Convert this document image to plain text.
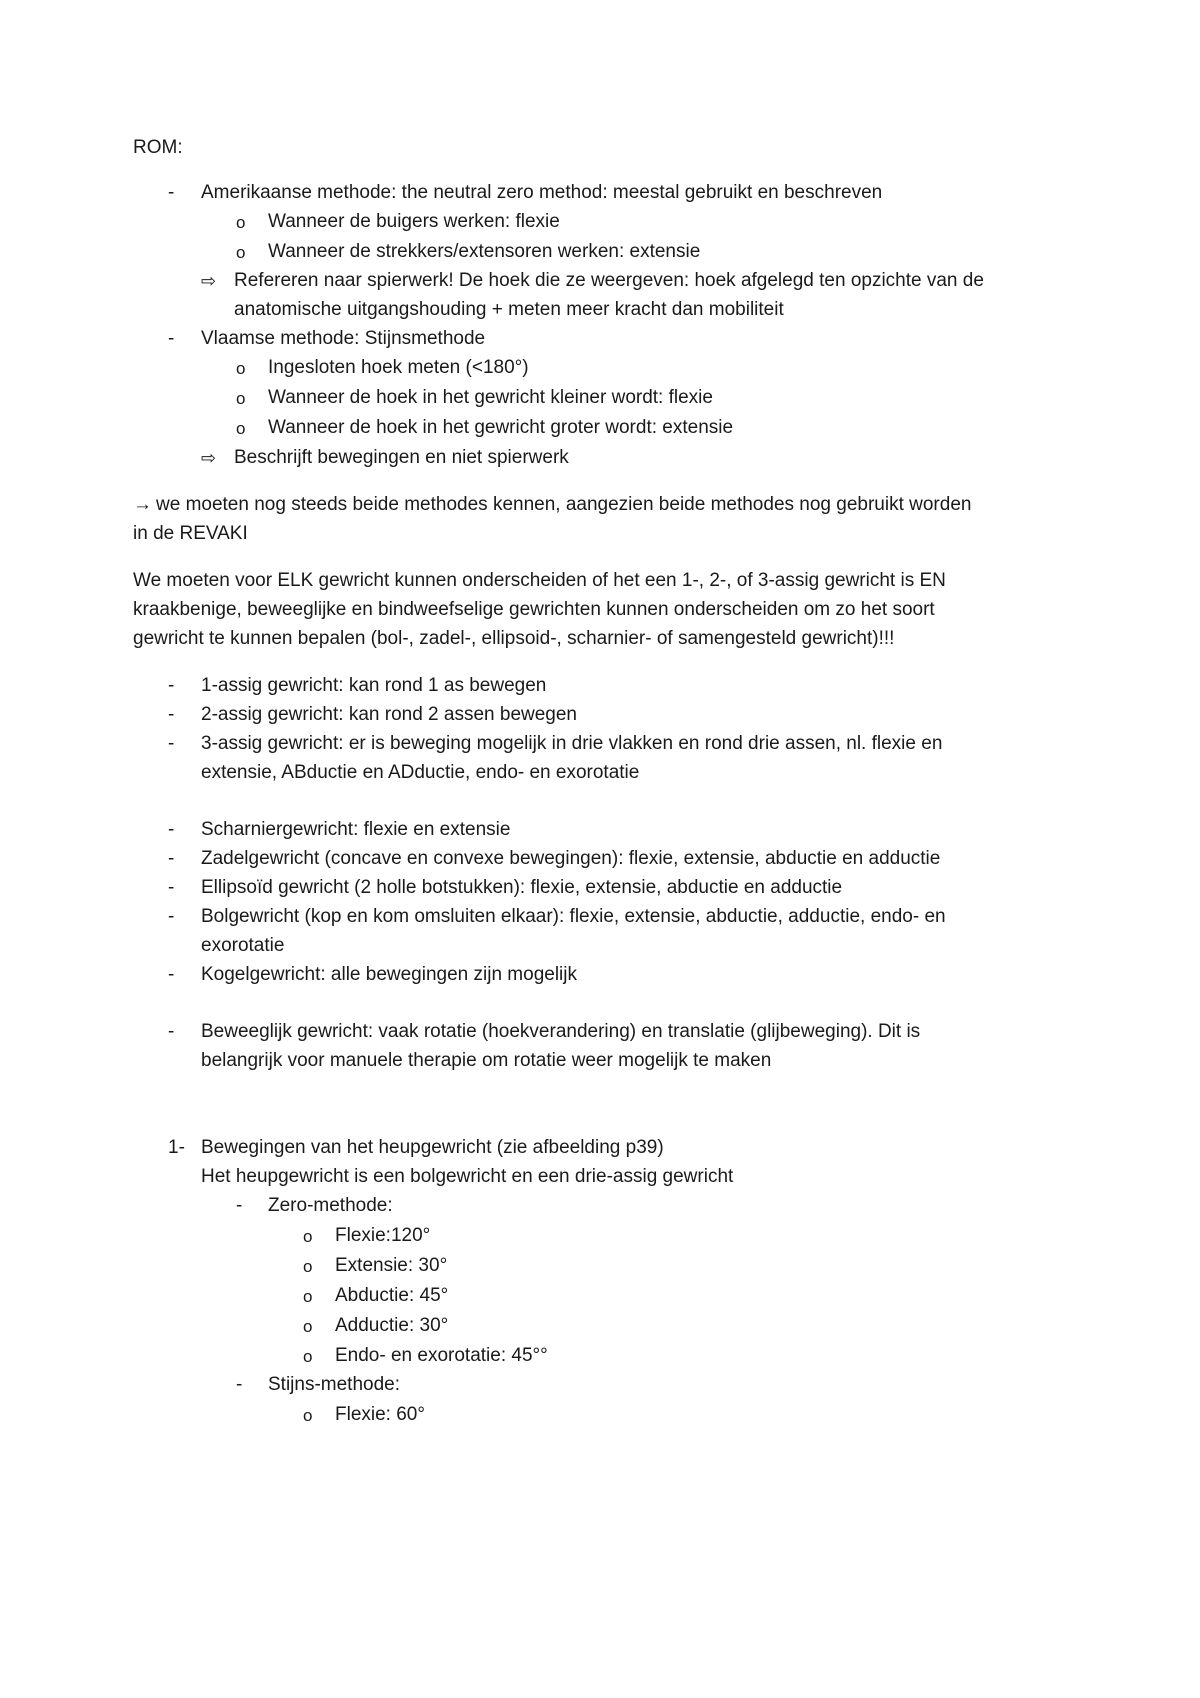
ROM:
- Amerikaanse methode: the neutral zero method: meestal gebruikt en beschreven
o Wanneer de buigers werken: flexie
o Wanneer de strekkers/extensoren werken: extensie
⇨ Refereren naar spierwerk! De hoek die ze weergeven: hoek afgelegd ten opzichte van de
anatomische uitgangshouding + meten meer kracht dan mobiliteit
- Vlaamse methode: Stijnsmethode
o Ingesloten hoek meten (<180°)
o Wanneer de hoek in het gewricht kleiner wordt: flexie
o Wanneer de hoek in het gewricht groter wordt: extensie
⇨ Beschrijft bewegingen en niet spierwerk
→ we moeten nog steeds beide methodes kennen, aangezien beide methodes nog gebruikt worden
in de REVAKI
We moeten voor ELK gewricht kunnen onderscheiden of het een 1-, 2-, of 3-assig gewricht is EN
kraakbenige, beweeglijke en bindweefselige gewrichten kunnen onderscheiden om zo het soort
gewricht te kunnen bepalen (bol-, zadel-, ellipsoid-, scharnier- of samengesteld gewricht)!!!
- 1-assig gewricht: kan rond 1 as bewegen
- 2-assig gewricht: kan rond 2 assen bewegen
- 3-assig gewricht: er is beweging mogelijk in drie vlakken en rond drie assen, nl. flexie en
extensie, ABductie en ADductie, endo- en exorotatie
- Scharniergewricht: flexie en extensie
- Zadelgewricht (concave en convexe bewegingen): flexie, extensie, abductie en adductie
- Ellipsoïd gewricht (2 holle botstukken): flexie, extensie, abductie en adductie
- Bolgewricht (kop en kom omsluiten elkaar): flexie, extensie, abductie, adductie, endo- en
exorotatie
- Kogelgewricht: alle bewegingen zijn mogelijk
- Beweeglijk gewricht: vaak rotatie (hoekverandering) en translatie (glijbeweging). Dit is
belangrijk voor manuele therapie om rotatie weer mogelijk te maken
1- Bewegingen van het heupgewricht (zie afbeelding p39)
Het heupgewricht is een bolgewricht en een drie-assig gewricht
- Zero-methode:
o Flexie:120°
o Extensie: 30°
o Abductie: 45°
o Adductie: 30°
o Endo- en exorotatie: 45°°
- Stijns-methode:
o Flexie: 60°
